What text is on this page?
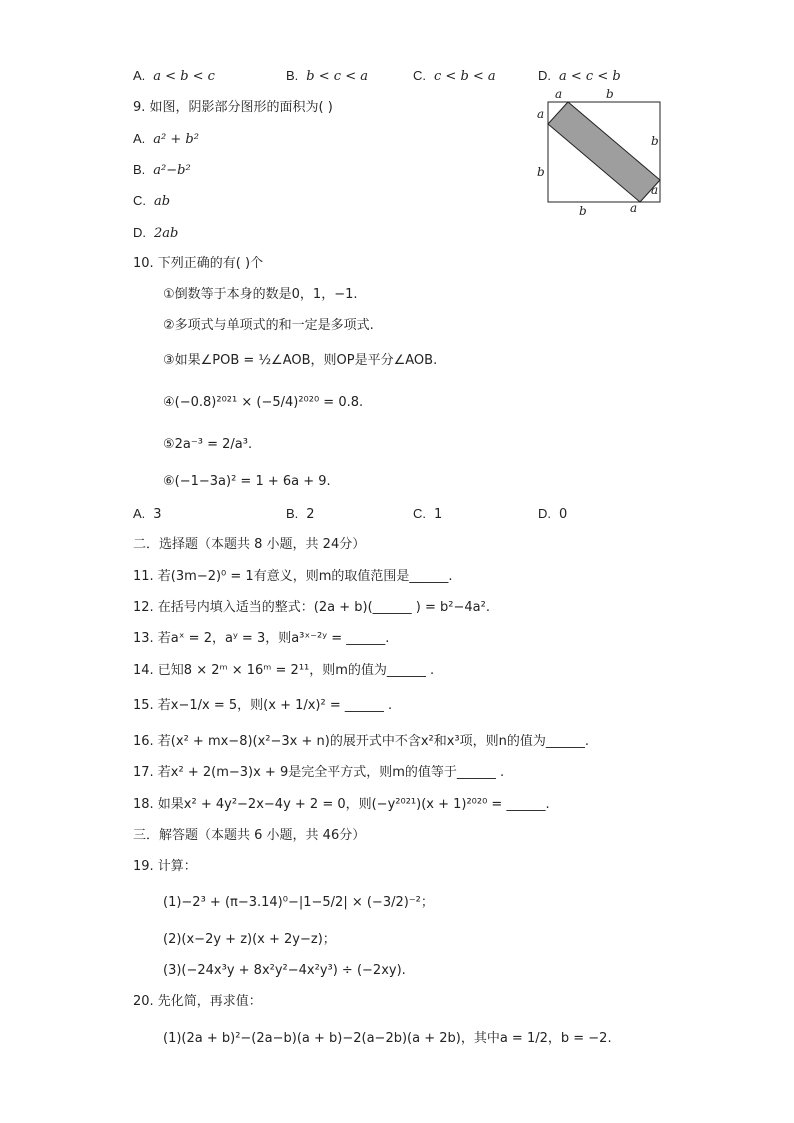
A. a < b < c	B. b < c < a	C. c < b < a	D. a < c < b
9. 如图，阴影部分图形的面积为( )
A. a² + b²
B. a²−b²
C. ab
D. 2ab
a	b
a
b
b
a
b	a
10. 下列正确的有( )个
①倒数等于本身的数是0，1，−1.
②多项式与单项式的和一定是多项式.
③如果∠POB = ½∠AOB，则OP是平分∠AOB.
④(−0.8)²⁰²¹ × (−5/4)²⁰²⁰ = 0.8.
⑤2a⁻³ = 2/a³.
⑥(−1−3a)² = 1 + 6a + 9.
A. 3	B. 2	C. 1	D. 0
二．选择题（本题共 8 小题，共 24分）
11. 若(3m−2)⁰ = 1有意义，则m的取值范围是______.
12. 在括号内填入适当的整式：(2a + b)(______ ) = b²−4a².
13. 若aˣ = 2，aʸ = 3，则a³ˣ⁻²ʸ = ______.
14. 已知8 × 2ᵐ × 16ᵐ = 2¹¹，则m的值为______ .
15. 若x−1/x = 5，则(x + 1/x)² = ______ .
16. 若(x² + mx−8)(x²−3x + n)的展开式中不含x²和x³项，则n的值为______.
17. 若x² + 2(m−3)x + 9是完全平方式，则m的值等于______ .
18. 如果x² + 4y²−2x−4y + 2 = 0，则(−y²⁰²¹)(x + 1)²⁰²⁰ = ______.
三．解答题（本题共 6 小题，共 46分）
19. 计算：
(1)−2³ + (π−3.14)⁰−|1−5/2| × (−3/2)⁻²；
(2)(x−2y + z)(x + 2y−z)；
(3)(−24x³y + 8x²y²−4x²y³) ÷ (−2xy).
20. 先化简，再求值：
(1)(2a + b)²−(2a−b)(a + b)−2(a−2b)(a + 2b)，其中a = 1/2，b = −2.
